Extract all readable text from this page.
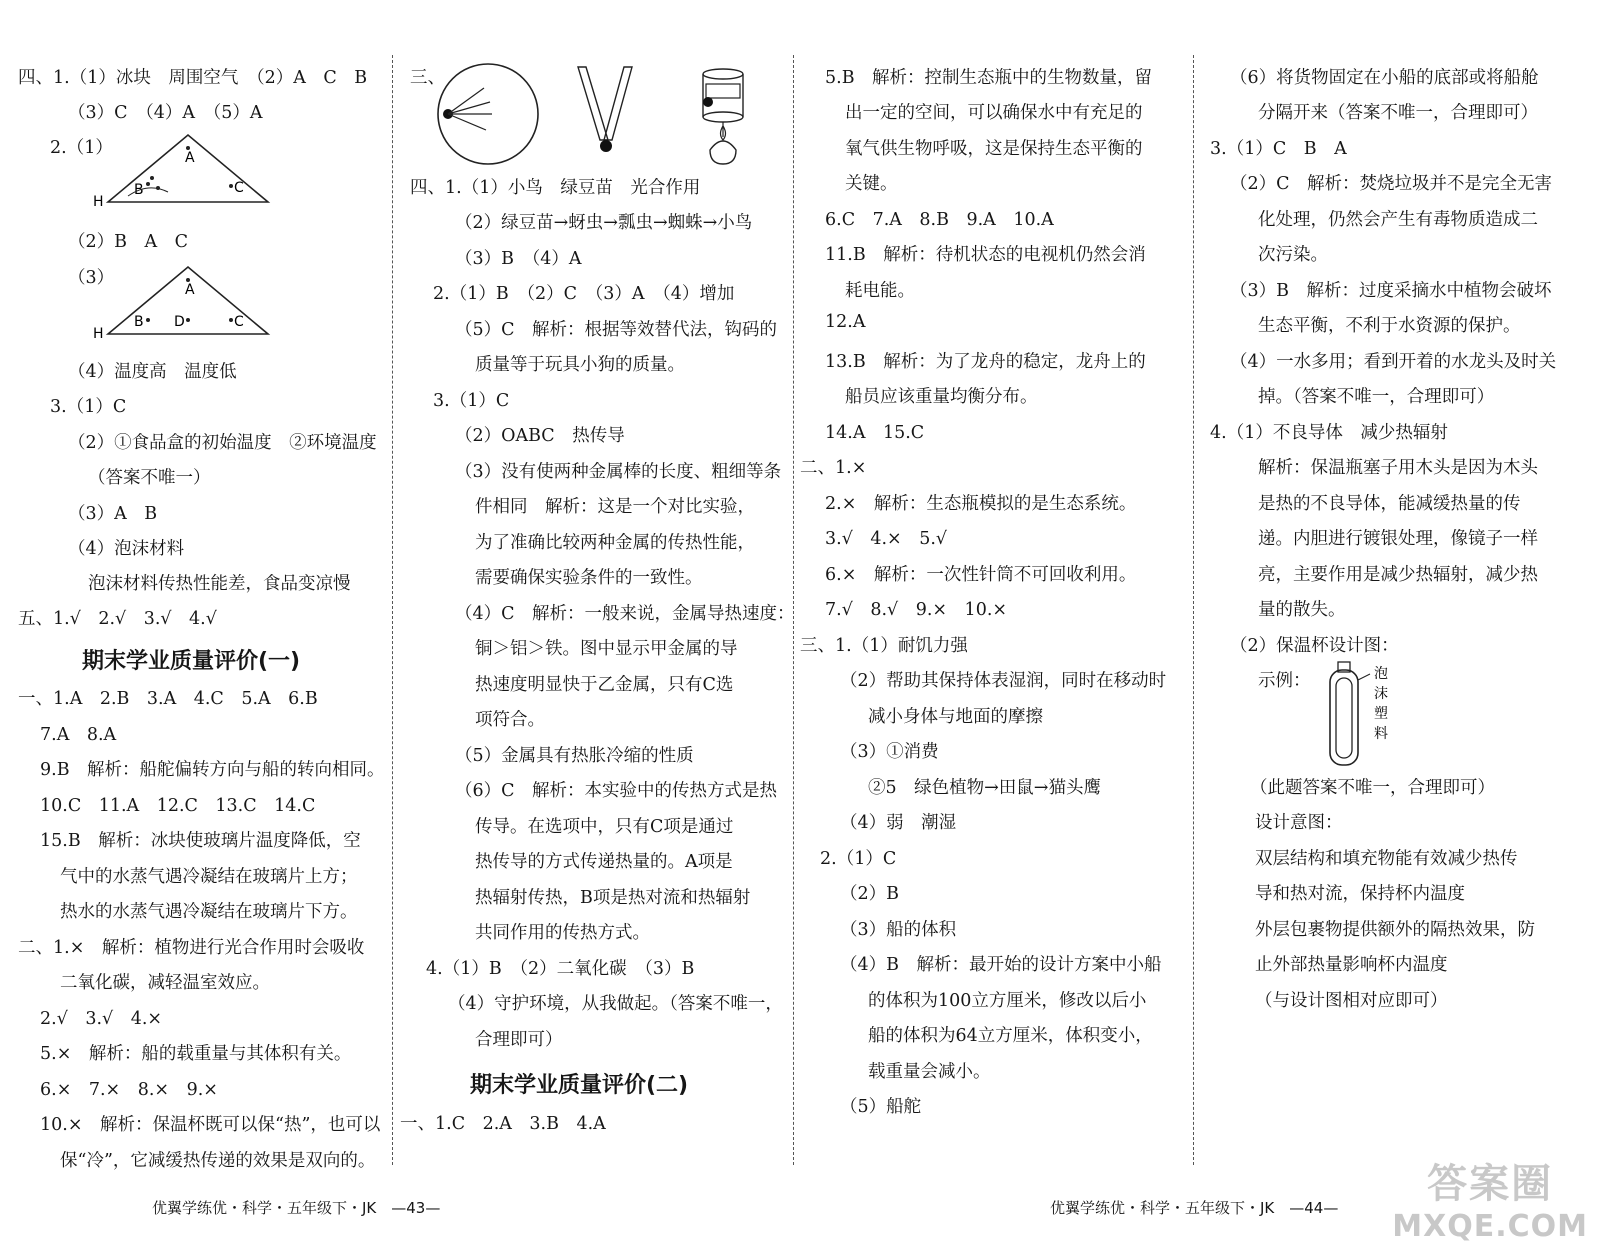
四、1.（1）冰块　周围空气　（2）A　C　B
（3）C　（4）A　（5）A
2.（1）
H
A
B	C
（2）B　A　C
（3）
H
A
B D	C
（4）温度高　温度低
3.（1）C
（2）①食品盒的初始温度　②环境温度
（答案不唯一）
（3）A　B
（4）泡沫材料
泡沫材料传热性能差，食品变凉慢
五、1.√　2.√　3.√　4.√
期末学业质量评价(一)
一、1.A　2.B　3.A　4.C　5.A　6.B
7.A　8.A
9.B　解析：船舵偏转方向与船的转向相同。
10.C　11.A　12.C　13.C　14.C
15.B　解析：冰块使玻璃片温度降低，空
气中的水蒸气遇冷凝结在玻璃片上方；
热水的水蒸气遇冷凝结在玻璃片下方。
二、1.×　解析：植物进行光合作用时会吸收
二氧化碳，减轻温室效应。
2.√　3.√　4.×
5.×　解析：船的载重量与其体积有关。
6.×　7.×　8.×　9.×
10.×　解析：保温杯既可以保“热”，也可以
保“冷”，它减缓热传递的效果是双向的。
三、
四、1.（1）小鸟　绿豆苗　光合作用
（2）绿豆苗→蚜虫→瓢虫→蜘蛛→小鸟
（3）B　（4）A
2.（1）B　（2）C　（3）A　（4）增加
（5）C　解析：根据等效替代法，钩码的
质量等于玩具小狗的质量。
3.（1）C
（2）OABC　热传导
（3）没有使两种金属棒的长度、粗细等条
件相同　解析：这是一个对比实验，
为了准确比较两种金属的传热性能，
需要确保实验条件的一致性。
（4）C　解析：一般来说，金属导热速度：
铜＞铝＞铁。图中显示甲金属的导
热速度明显快于乙金属，只有C选
项符合。
（5）金属具有热胀冷缩的性质
（6）C　解析：本实验中的传热方式是热
传导。在选项中，只有C项是通过
热传导的方式传递热量的。A项是
热辐射传热，B项是热对流和热辐射
共同作用的传热方式。
4.（1）B　（2）二氧化碳　（3）B
（4）守护环境，从我做起。（答案不唯一，
合理即可）
期末学业质量评价(二)
一、1.C　2.A　3.B　4.A
5.B　解析：控制生态瓶中的生物数量，留
出一定的空间，可以确保水中有充足的
氧气供生物呼吸，这是保持生态平衡的
关键。
6.C　7.A　8.B　9.A　10.A
11.B　解析：待机状态的电视机仍然会消
耗电能。
12.A
13.B　解析：为了龙舟的稳定，龙舟上的
船员应该重量均衡分布。
14.A　15.C
二、1.×
2.×　解析：生态瓶模拟的是生态系统。
3.√　4.×　5.√
6.×　解析：一次性针筒不可回收利用。
7.√　8.√　9.×　10.×
三、1.（1）耐饥力强
（2）帮助其保持体表湿润，同时在移动时
减小身体与地面的摩擦
（3）①消费
②5　绿色植物→田鼠→猫头鹰
（4）弱　潮湿
2.（1）C
（2）B
（3）船的体积
（4）B　解析：最开始的设计方案中小船
的体积为100立方厘米，修改以后小
船的体积为64立方厘米，体积变小，
载重量会减小。
（5）船舵
（6）将货物固定在小船的底部或将船舱
分隔开来（答案不唯一，合理即可）
3.（1）C　B　A
（2）C　解析：焚烧垃圾并不是完全无害
化处理，仍然会产生有毒物质造成二
次污染。
（3）B　解析：过度采摘水中植物会破坏
生态平衡，不利于水资源的保护。
（4）一水多用；看到开着的水龙头及时关
掉。（答案不唯一，合理即可）
4.（1）不良导体　减少热辐射
解析：保温瓶塞子用木头是因为木头
是热的不良导体，能减缓热量的传
递。内胆进行镀银处理，像镜子一样
亮，主要作用是减少热辐射，减少热
量的散失。
（2）保温杯设计图：
示例：	泡
沫
塑
料
（此题答案不唯一，合理即可）
设计意图：
双层结构和填充物能有效减少热传
导和热对流，保持杯内温度
外层包裹物提供额外的隔热效果，防
止外部热量影响杯内温度
（与设计图相对应即可）
优翼学练优・科学・五年级下・JK　—43—	优翼学练优・科学・五年级下・JK　—44—
答案圈
MXQE.COM
